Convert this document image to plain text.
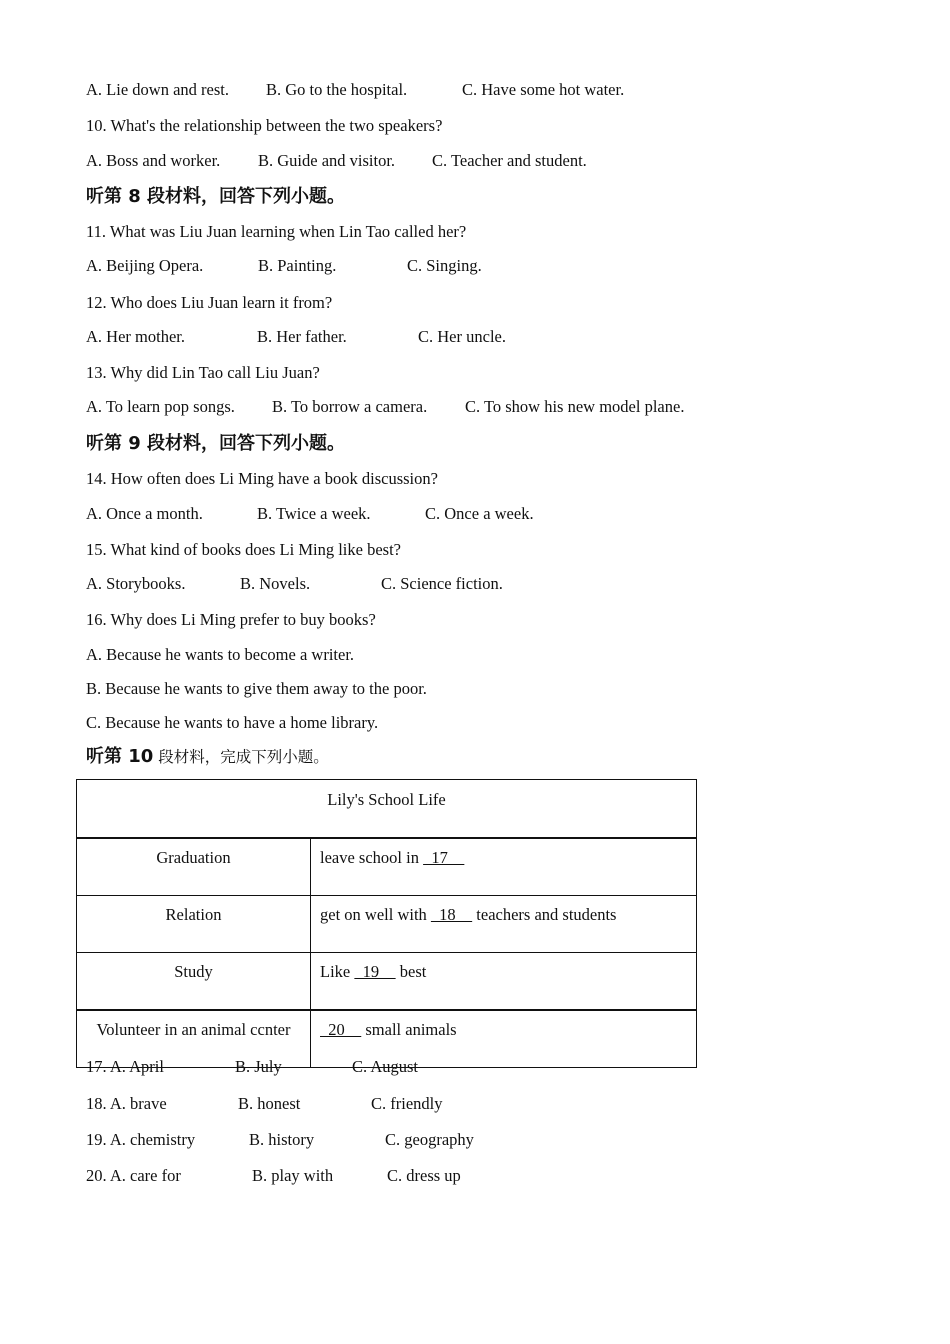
A. Lie down and rest. B. Go to the hospital.	C. Have some hot water.
10. What's the relationship between the two speakers?
A. Boss and worker. B. Guide and visitor. C. Teacher and student.
听第 8 段材料，回答下列小题。
11. What was Liu Juan learning when Lin Tao called her?
A. Beijing Opera.	B. Painting.	C. Singing.
12. Who does Liu Juan learn it from?
A. Her mother.	B. Her father.	C. Her uncle.
13. Why did Lin Tao call Liu Juan?
A. To learn pop songs. B. To borrow a camera. C. To show his new model plane.
听第 9 段材料，回答下列小题。
14. How often does Li Ming have a book discussion?
A. Once a month.	B. Twice a week.	C. Once a week.
15. What kind of books does Li Ming like best?
A. Storybooks.	B. Novels.	C. Science fiction.
16. Why does Li Ming prefer to buy books?
A. Because he wants to become a writer.
B. Because he wants to give them away to the poor.
C. Because he wants to have a home library.
听第 10 段材料，完成下列小题。
Lily's School Life	
Graduation	leave school in   17
Relation	get on well with   18     teachers and students
Study	Like   19     best
Volunteer in an animal ccnter	20     small animals
17. A. April	B. July	C. August
18. A. brave	B. honest	C. friendly
19. A. chemistry	B. history	C. geography
20. A. care for	B. play with	C. dress up
